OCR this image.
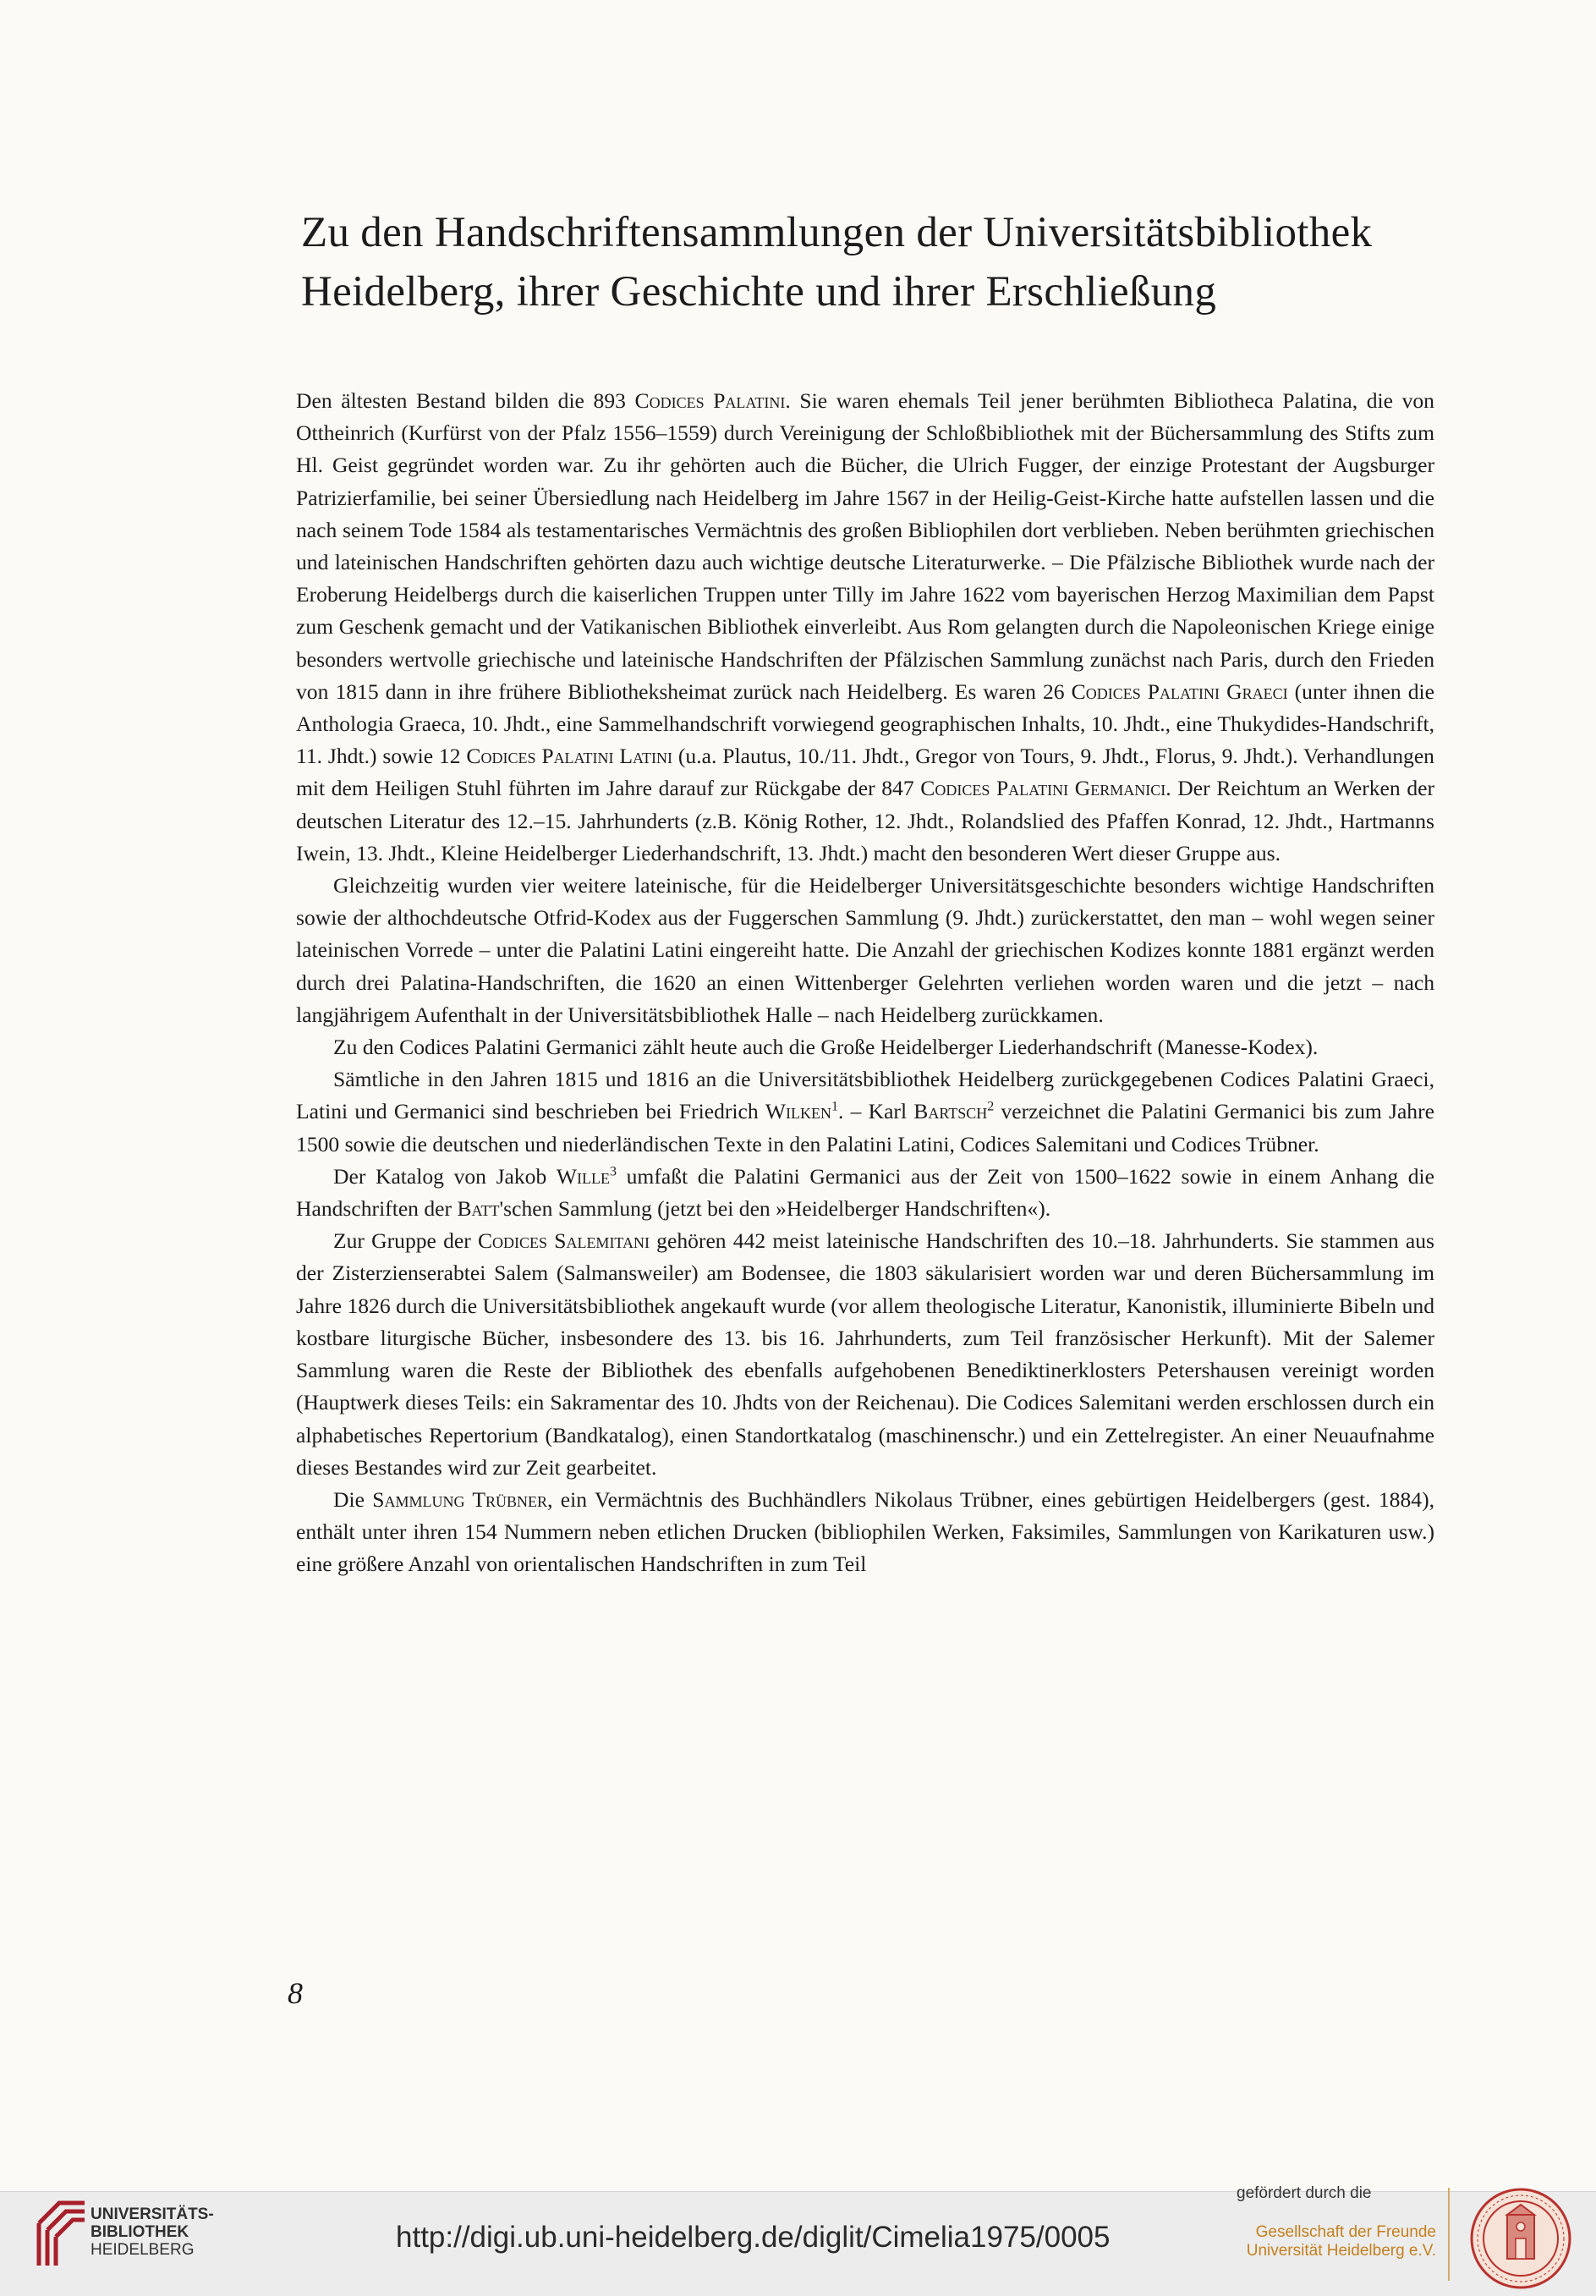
Zu den Handschriftensammlungen der Universitätsbibliothek
Heidelberg, ihrer Geschichte und ihrer Erschließung

Den ältesten Bestand bilden die 893 Codices Palatini. Sie waren ehemals Teil jener berühmten Bibliotheca Palatina, die von Ottheinrich (Kurfürst von der Pfalz 1556–1559) durch Vereinigung der Schloßbibliothek mit der Büchersammlung des Stifts zum Hl. Geist gegründet worden war. Zu ihr gehörten auch die Bücher, die Ulrich Fugger, der einzige Protestant der Augsburger Patrizierfamilie, bei seiner Übersiedlung nach Heidelberg im Jahre 1567 in der Heilig-Geist-Kirche hatte aufstellen lassen und die nach seinem Tode 1584 als testamentarisches Vermächtnis des großen Bibliophilen dort verblieben. Neben berühmten griechischen und lateinischen Handschriften gehörten dazu auch wichtige deutsche Literaturwerke. – Die Pfälzische Bibliothek wurde nach der Eroberung Heidelbergs durch die kaiserlichen Truppen unter Tilly im Jahre 1622 vom bayerischen Herzog Maximilian dem Papst zum Geschenk gemacht und der Vatikanischen Bibliothek einverleibt. Aus Rom gelangten durch die Napoleonischen Kriege einige besonders wertvolle griechische und lateinische Handschriften der Pfälzischen Sammlung zunächst nach Paris, durch den Frieden von 1815 dann in ihre frühere Bibliotheksheimat zurück nach Heidelberg. Es waren 26 Codices Palatini Graeci (unter ihnen die Anthologia Graeca, 10. Jhdt., eine Sammelhandschrift vorwiegend geographischen Inhalts, 10. Jhdt., eine Thukydides-Handschrift, 11. Jhdt.) sowie 12 Codices Palatini Latini (u.a. Plautus, 10./11. Jhdt., Gregor von Tours, 9. Jhdt., Florus, 9. Jhdt.). Verhandlungen mit dem Heiligen Stuhl führten im Jahre darauf zur Rückgabe der 847 Codices Palatini Germanici. Der Reichtum an Werken der deutschen Literatur des 12.–15. Jahrhunderts (z.B. König Rother, 12. Jhdt., Rolandslied des Pfaffen Konrad, 12. Jhdt., Hartmanns Iwein, 13. Jhdt., Kleine Heidelberger Liederhandschrift, 13. Jhdt.) macht den besonderen Wert dieser Gruppe aus.

Gleichzeitig wurden vier weitere lateinische, für die Heidelberger Universitätsgeschichte besonders wichtige Handschriften sowie der althochdeutsche Otfrid-Kodex aus der Fuggerschen Sammlung (9. Jhdt.) zurückerstattet, den man – wohl wegen seiner lateinischen Vorrede – unter die Palatini Latini eingereiht hatte. Die Anzahl der griechischen Kodizes konnte 1881 ergänzt werden durch drei Palatina-Handschriften, die 1620 an einen Wittenberger Gelehrten verliehen worden waren und die jetzt – nach langjährigem Aufenthalt in der Universitätsbibliothek Halle – nach Heidelberg zurückkamen.

Zu den Codices Palatini Germanici zählt heute auch die Große Heidelberger Liederhandschrift (Manesse-Kodex).

Sämtliche in den Jahren 1815 und 1816 an die Universitätsbibliothek Heidelberg zurückgegebenen Codices Palatini Graeci, Latini und Germanici sind beschrieben bei Friedrich Wilken$^1$. – Karl Bartsch$^2$ verzeichnet die Palatini Germanici bis zum Jahre 1500 sowie die deutschen und niederländischen Texte in den Palatini Latini, Codices Salemitani und Codices Trübner.

Der Katalog von Jakob Wille$^3$ umfaßt die Palatini Germanici aus der Zeit von 1500–1622 sowie in einem Anhang die Handschriften der Batt'schen Sammlung (jetzt bei den »Heidelberger Handschriften«).

Zur Gruppe der Codices Salemitani gehören 442 meist lateinische Handschriften des 10.–18. Jahrhunderts. Sie stammen aus der Zisterzienserabtei Salem (Salmansweiler) am Bodensee, die 1803 säkularisiert worden war und deren Büchersammlung im Jahre 1826 durch die Universitätsbibliothek angekauft wurde (vor allem theologische Literatur, Kanonistik, illuminierte Bibeln und kostbare liturgische Bücher, insbesondere des 13. bis 16. Jahrhunderts, zum Teil französischer Herkunft). Mit der Salemer Sammlung waren die Reste der Bibliothek des ebenfalls aufgehobenen Benediktinerklosters Petershausen vereinigt worden (Hauptwerk dieses Teils: ein Sakramentar des 10. Jhdts von der Reichenau). Die Codices Salemitani werden erschlossen durch ein alphabetisches Repertorium (Bandkatalog), einen Standortkatalog (maschinenschr.) und ein Zettelregister. An einer Neuaufnahme dieses Bestandes wird zur Zeit gearbeitet.

Die Sammlung Trübner, ein Vermächtnis des Buchhändlers Nikolaus Trübner, eines gebürtigen Heidelbergers (gest. 1884), enthält unter ihren 154 Nummern neben etlichen Drucken (bibliophilen Werken, Faksimiles, Sammlungen von Karikaturen usw.) eine größere Anzahl von orientalischen Handschriften in zum Teil

8
UNIVERSITÄTS-
BIBLIOTHEK
HEIDELBERG	http://digi.ub.uni-heidelberg.de/diglit/Cimelia1975/0005
gefördert durch die
Gesellschaft der Freunde
Universität Heidelberg e.V.
